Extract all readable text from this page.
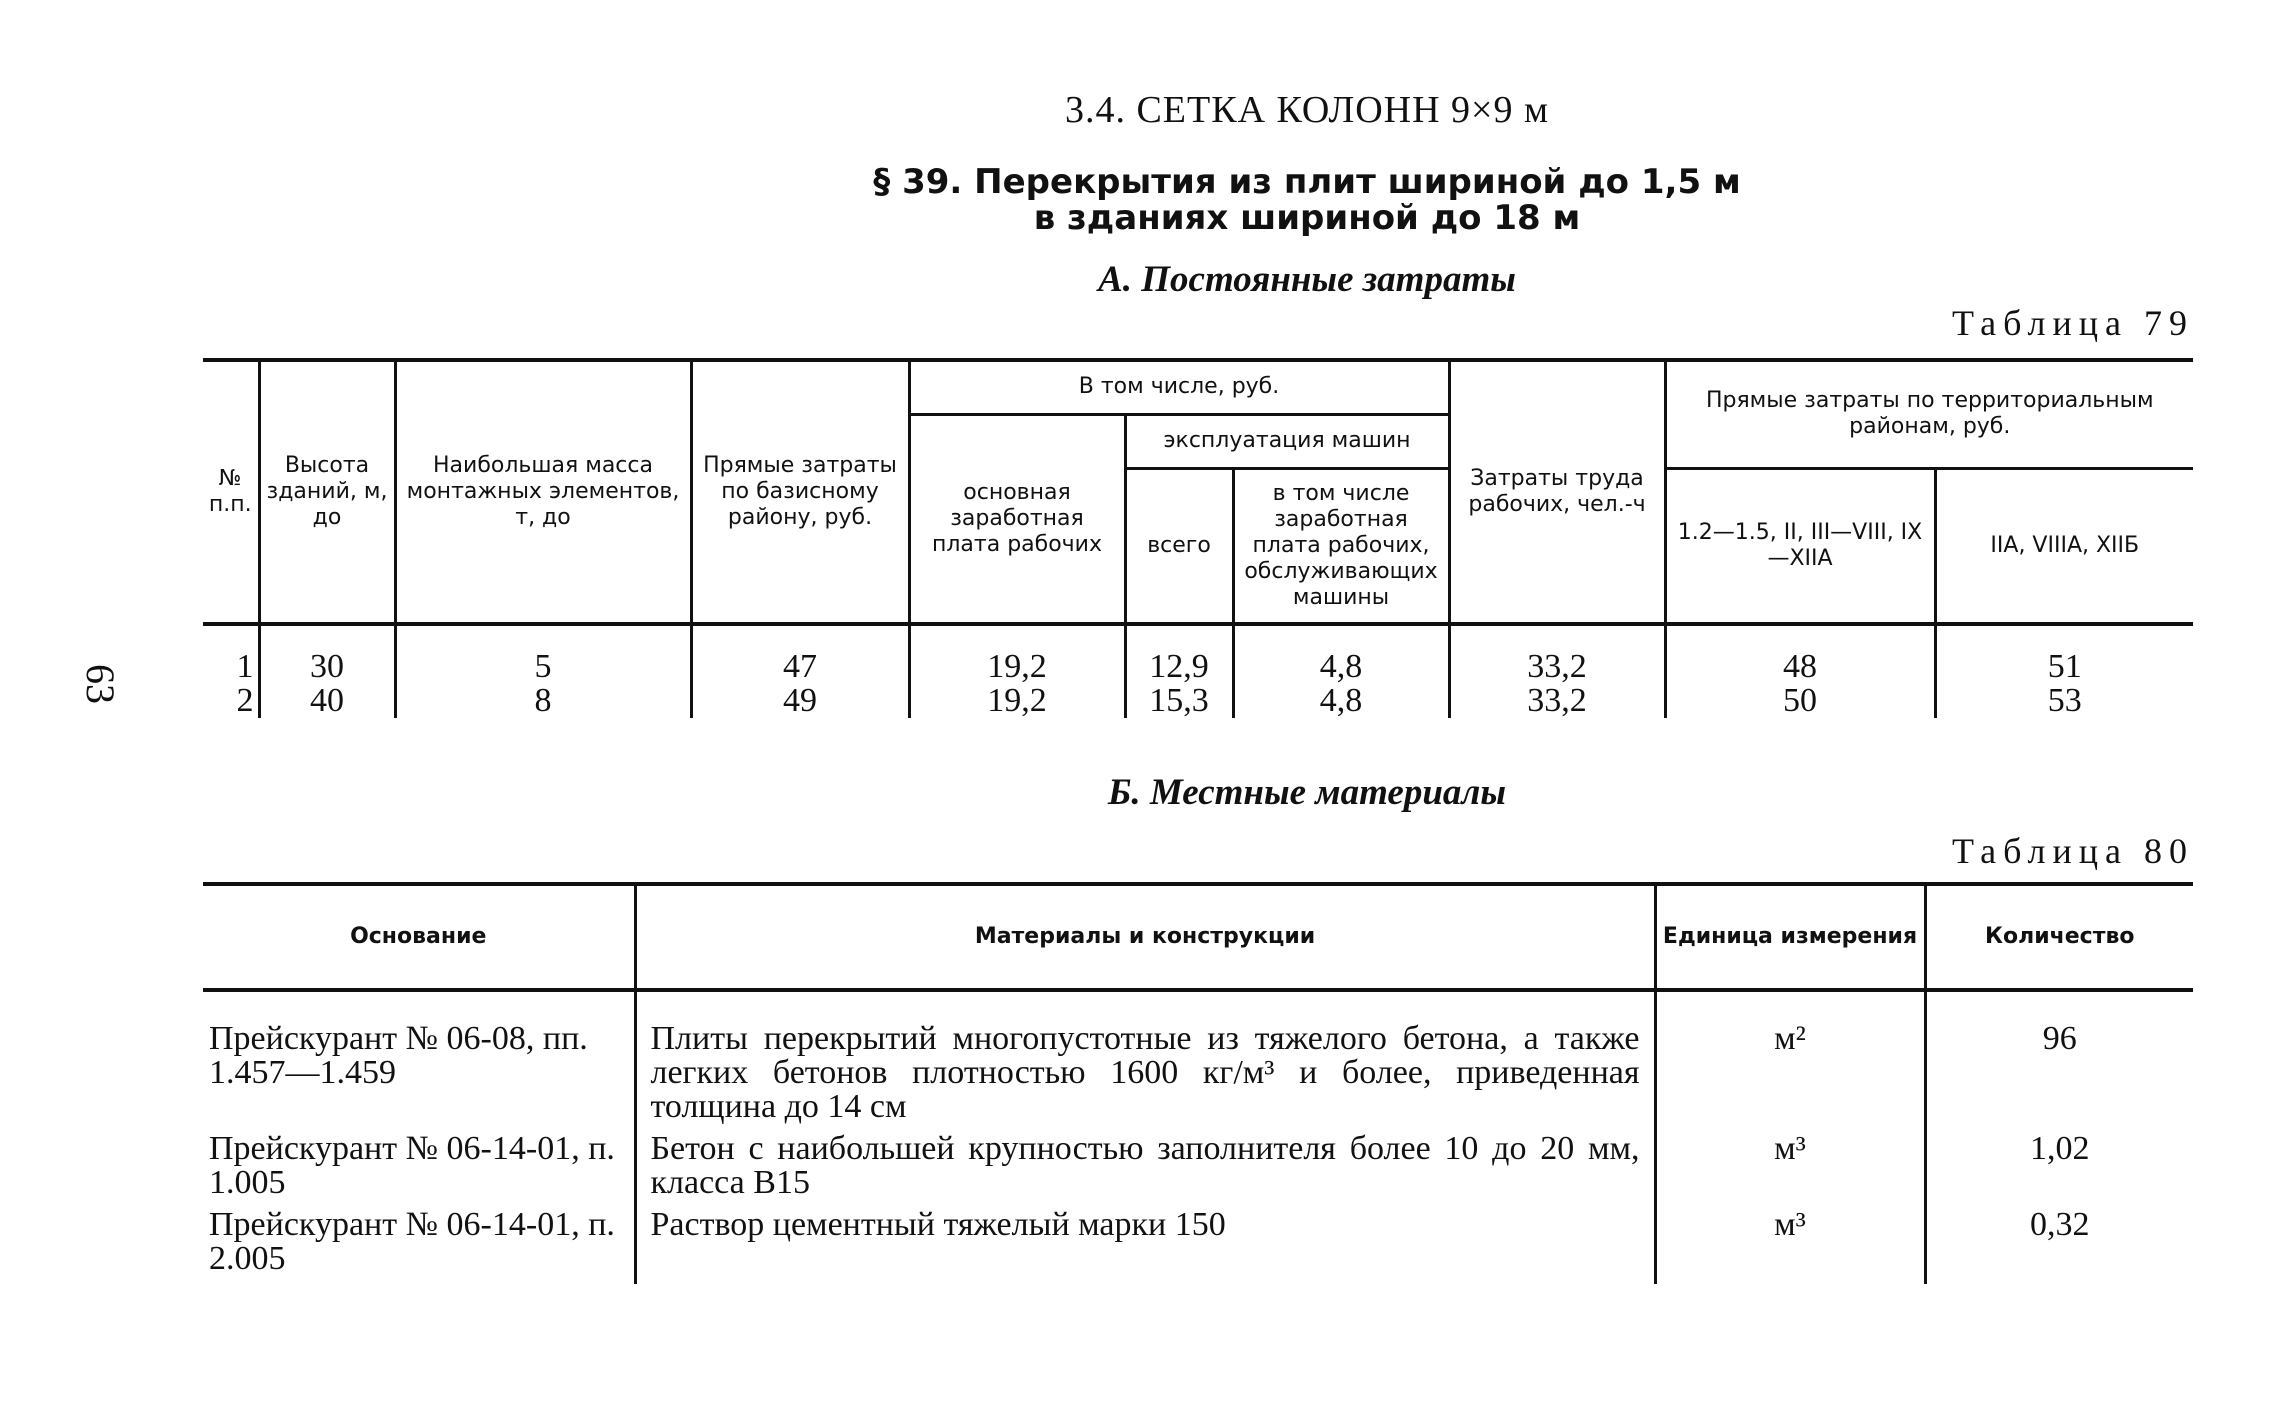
3.4. СЕТКА КОЛОНН 9×9 м
§ 39. Перекрытия из плит шириной до 1,5 м
в зданиях шириной до 18 м
А. Постоянные затраты
Таблица 79
63
№ п.п.	Высота зданий, м, до	Наибольшая масса монтажных элементов, т, до	Прямые затраты по базисному району, руб.	В том числе, руб.			Затраты труда рабочих, чел.-ч	Прямые затраты по территориальным районам, руб.	
				основная заработная плата рабочих	эксплуатация машин				
					всего	в том числе заработная плата рабочих, обслуживающих машины		1.2—1.5, II, III—VIII, IX—XIIА	IIА, VIIIА, XIIБ
1	30	5	47	19,2	12,9	4,8	33,2	48	51
2	40	8	49	19,2	15,3	4,8	33,2	50	53
Б. Местные материалы
Таблица 80
Основание	Материалы и конструкции	Единица измерения	Количество
Прейскурант № 06-08, пп. 1.457—1.459	Плиты перекрытий многопустотные из тяжелого бетона, а также легких бетонов плотностью 1600 кг/м³ и более, приведенная толщина до 14 см	м²	96
Прейскурант № 06-14-01, п. 1.005	Бетон с наибольшей крупностью заполнителя более 10 до 20 мм, класса В15	м³	1,02
Прейскурант № 06-14-01, п. 2.005	Раствор цементный тяжелый марки 150	м³	0,32
